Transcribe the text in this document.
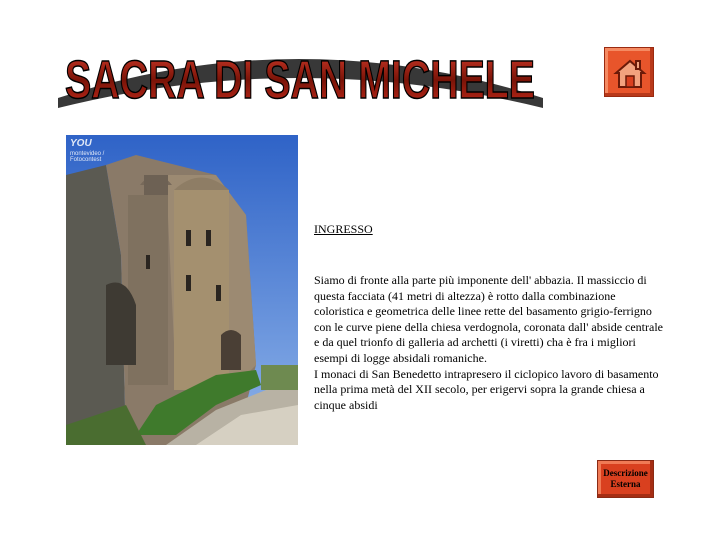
SACRA DI SAN MICHELE
YOU
montevideo / Fotocontest
INGRESSO

Siamo di fronte alla parte più imponente dell' abbazia. Il massiccio di questa facciata (41 metri di altezza) è rotto dalla combinazione coloristica e geometrica delle linee rette del basamento grigio-ferrigno con le curve piene della chiesa verdognola, coronata dall' abside centrale e da quel trionfo di galleria ad archetti (i viretti) cha è fra i migliori esempi di logge absidali romaniche.

I monaci di San Benedetto intrapresero il ciclopico lavoro di basamento nella prima metà del XII secolo, per erigervi sopra la grande chiesa a cinque absidi

Descrizione
Esterna
